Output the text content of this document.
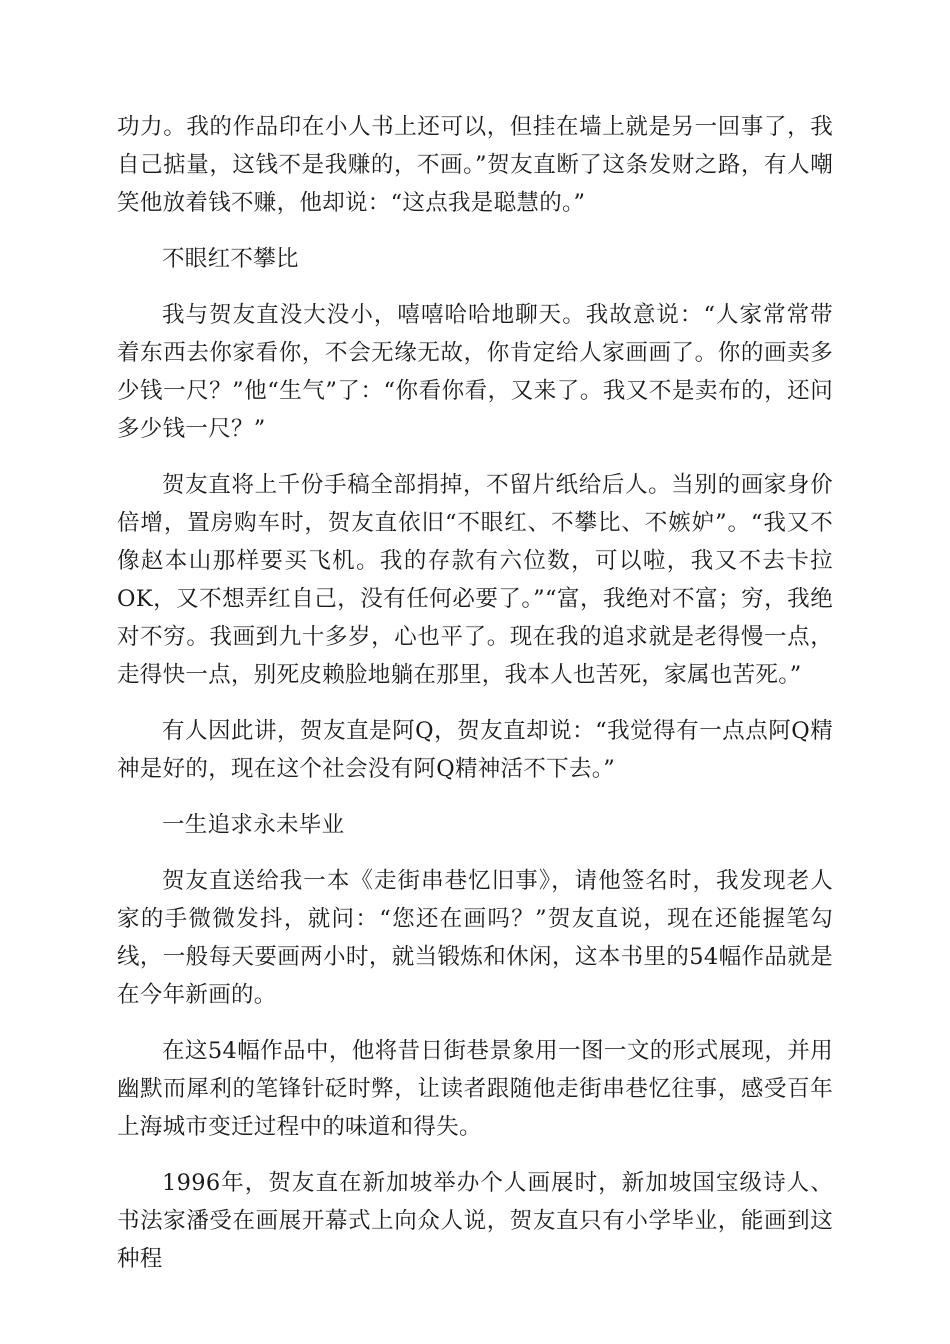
功力。我的作品印在小人书上还可以，但挂在墙上就是另一回事了，我自己掂量，这钱不是我赚的，不画。”贺友直断了这条发财之路，有人嘲笑他放着钱不赚，他却说：“这点我是聪慧的。”

不眼红不攀比

我与贺友直没大没小，嘻嘻哈哈地聊天。我故意说：“人家常常带着东西去你家看你，不会无缘无故，你肯定给人家画画了。你的画卖多少钱一尺？”他“生气”了：“你看你看，又来了。我又不是卖布的，还问多少钱一尺？”

贺友直将上千份手稿全部捐掉，不留片纸给后人。当别的画家身价倍增，置房购车时，贺友直依旧“不眼红、不攀比、不嫉妒”。“我又不像赵本山那样要买飞机。我的存款有六位数，可以啦，我又不去卡拉OK，又不想弄红自己，没有任何必要了。”“富，我绝对不富；穷，我绝对不穷。我画到九十多岁，心也平了。现在我的追求就是老得慢一点，走得快一点，别死皮赖脸地躺在那里，我本人也苦死，家属也苦死。”

有人因此讲，贺友直是阿Q，贺友直却说：“我觉得有一点点阿Q精神是好的，现在这个社会没有阿Q精神活不下去。”

一生追求永未毕业

贺友直送给我一本《走街串巷忆旧事》，请他签名时，我发现老人家的手微微发抖，就问：“您还在画吗？”贺友直说，现在还能握笔勾线，一般每天要画两小时，就当锻炼和休闲，这本书里的54幅作品就是在今年新画的。

在这54幅作品中，他将昔日街巷景象用一图一文的形式展现，并用幽默而犀利的笔锋针砭时弊，让读者跟随他走街串巷忆往事，感受百年上海城市变迁过程中的味道和得失。

1996年，贺友直在新加坡举办个人画展时，新加坡国宝级诗人、书法家潘受在画展开幕式上向众人说，贺友直只有小学毕业，能画到这种程
